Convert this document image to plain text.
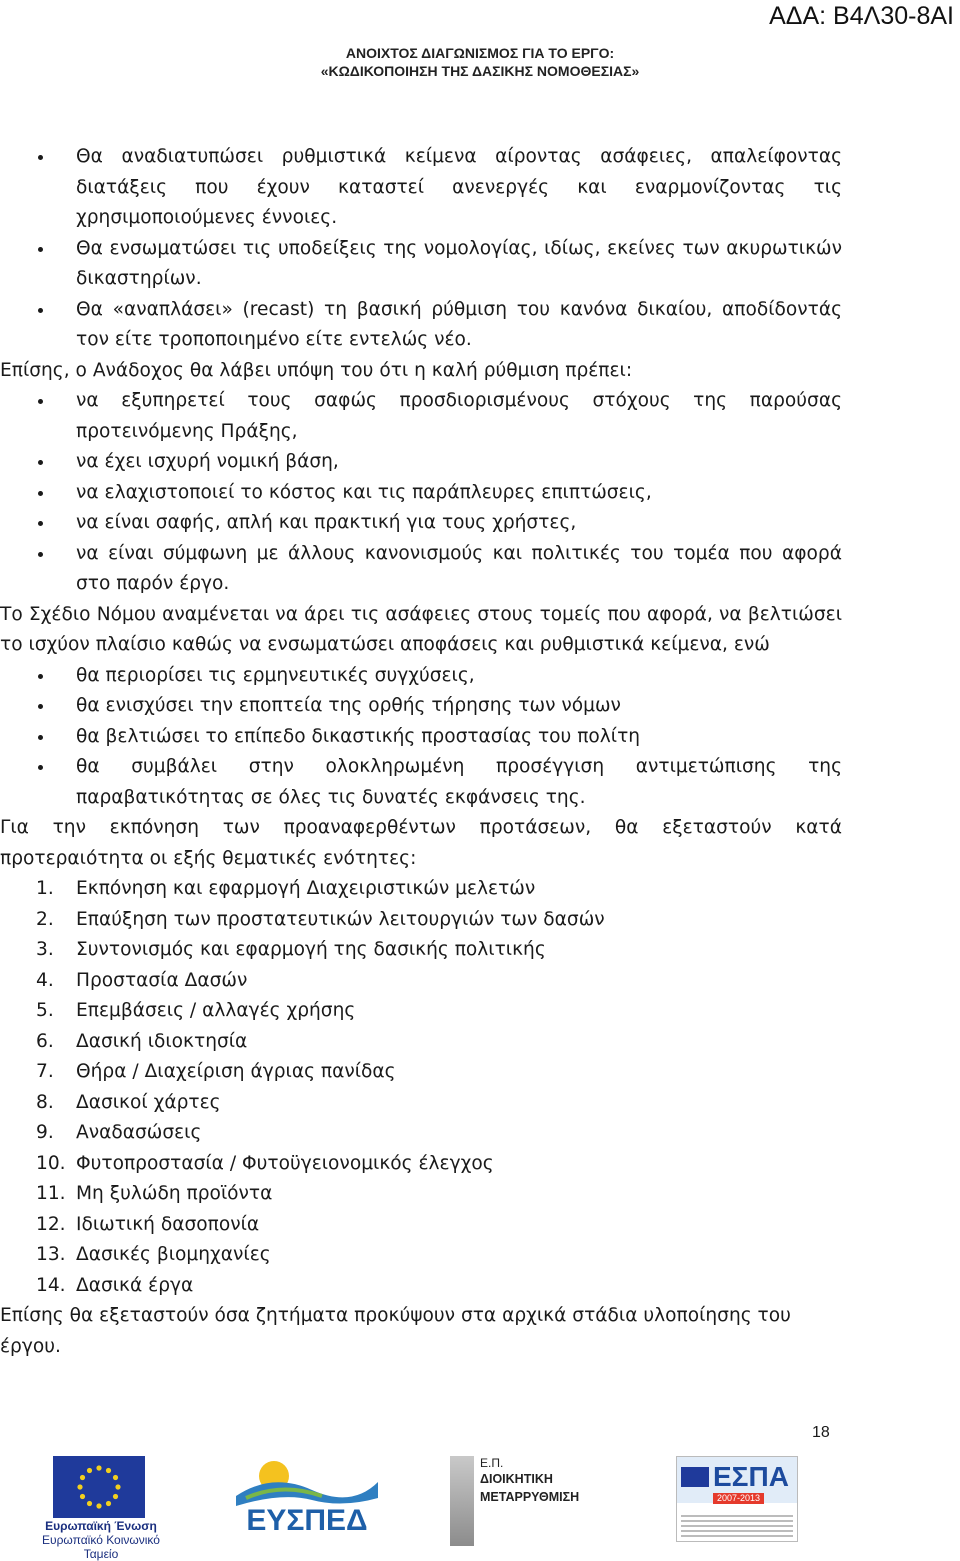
ΑΔΑ: Β4Λ30-8ΑΙ
ΑΝΟΙΧΤΟΣ ΔΙΑΓΩΝΙΣΜΟΣ ΓΙΑ ΤΟ ΕΡΓΟ:
«ΚΩΔΙΚΟΠΟΙΗΣΗ ΤΗΣ ΔΑΣΙΚΗΣ ΝΟΜΟΘΕΣΙΑΣ»
Θα αναδιατυπώσει ρυθμιστικά κείμενα αίροντας ασάφειες, απαλείφοντας διατάξεις που έχουν καταστεί ανενεργές και εναρμονίζοντας τις χρησιμοποιούμενες έννοιες.
Θα ενσωματώσει τις υποδείξεις της νομολογίας, ιδίως, εκείνες των ακυρωτικών δικαστηρίων.
Θα «αναπλάσει» (recast) τη βασική ρύθμιση του κανόνα δικαίου, αποδίδοντάς τον είτε τροποποιημένο είτε εντελώς νέο.

Επίσης, ο Ανάδοχος θα λάβει υπόψη του ότι η καλή ρύθμιση πρέπει:

να εξυπηρετεί τους σαφώς προσδιορισμένους στόχους της παρούσας προτεινόμενης Πράξης,
να έχει ισχυρή νομική βάση,
να ελαχιστοποιεί το κόστος και τις παράπλευρες επιπτώσεις,
να είναι σαφής, απλή και πρακτική για τους χρήστες,
να είναι σύμφωνη με άλλους κανονισμούς και πολιτικές του τομέα που αφορά στο παρόν έργο.

Το Σχέδιο Νόμου αναμένεται να άρει τις ασάφειες στους τομείς που αφορά, να βελτιώσει το ισχύον πλαίσιο καθώς να ενσωματώσει αποφάσεις και ρυθμιστικά κείμενα, ενώ

θα περιορίσει τις ερμηνευτικές συγχύσεις,
θα ενισχύσει την εποπτεία της ορθής τήρησης των νόμων
θα βελτιώσει το επίπεδο δικαστικής προστασίας του πολίτη
θα συμβάλει στην ολοκληρωμένη προσέγγιση αντιμετώπισης της παραβατικότητας σε όλες τις δυνατές εκφάνσεις της.

Για την εκπόνηση των προαναφερθέντων προτάσεων, θα εξεταστούν κατά προτεραιότητα οι εξής θεματικές ενότητες:

1.	Εκπόνηση και εφαρμογή Διαχειριστικών μελετών
2.	Επαύξηση των προστατευτικών λειτουργιών των δασών
3.	Συντονισμός και εφαρμογή της δασικής πολιτικής
4.	Προστασία Δασών
5.	Επεμβάσεις / αλλαγές χρήσης
6.	Δασική ιδιοκτησία
7.	Θήρα / Διαχείριση άγριας πανίδας
8.	Δασικοί χάρτες
9.	Αναδασώσεις
10. Φυτοπροστασία / Φυτοϋγειονομικός έλεγχος
11. Μη ξυλώδη προϊόντα
12. Ιδιωτική δασοπονία
13. Δασικές βιομηχανίες
14. Δασικά έργα

Επίσης θα εξεταστούν όσα ζητήματα προκύψουν στα αρχικά στάδια υλοποίησης του έργου.

18
Ευρωπαϊκή Ένωση
Ευρωπαϊκό Κοινωνικό Ταμείο
ΕΥΣΠΕΔ
Ε.Π.
ΔΙΟΙΚΗΤΙΚΗ
ΜΕΤΑΡΡΥΘΜΙΣΗ
ΕΣΠΑ
2007-2013
